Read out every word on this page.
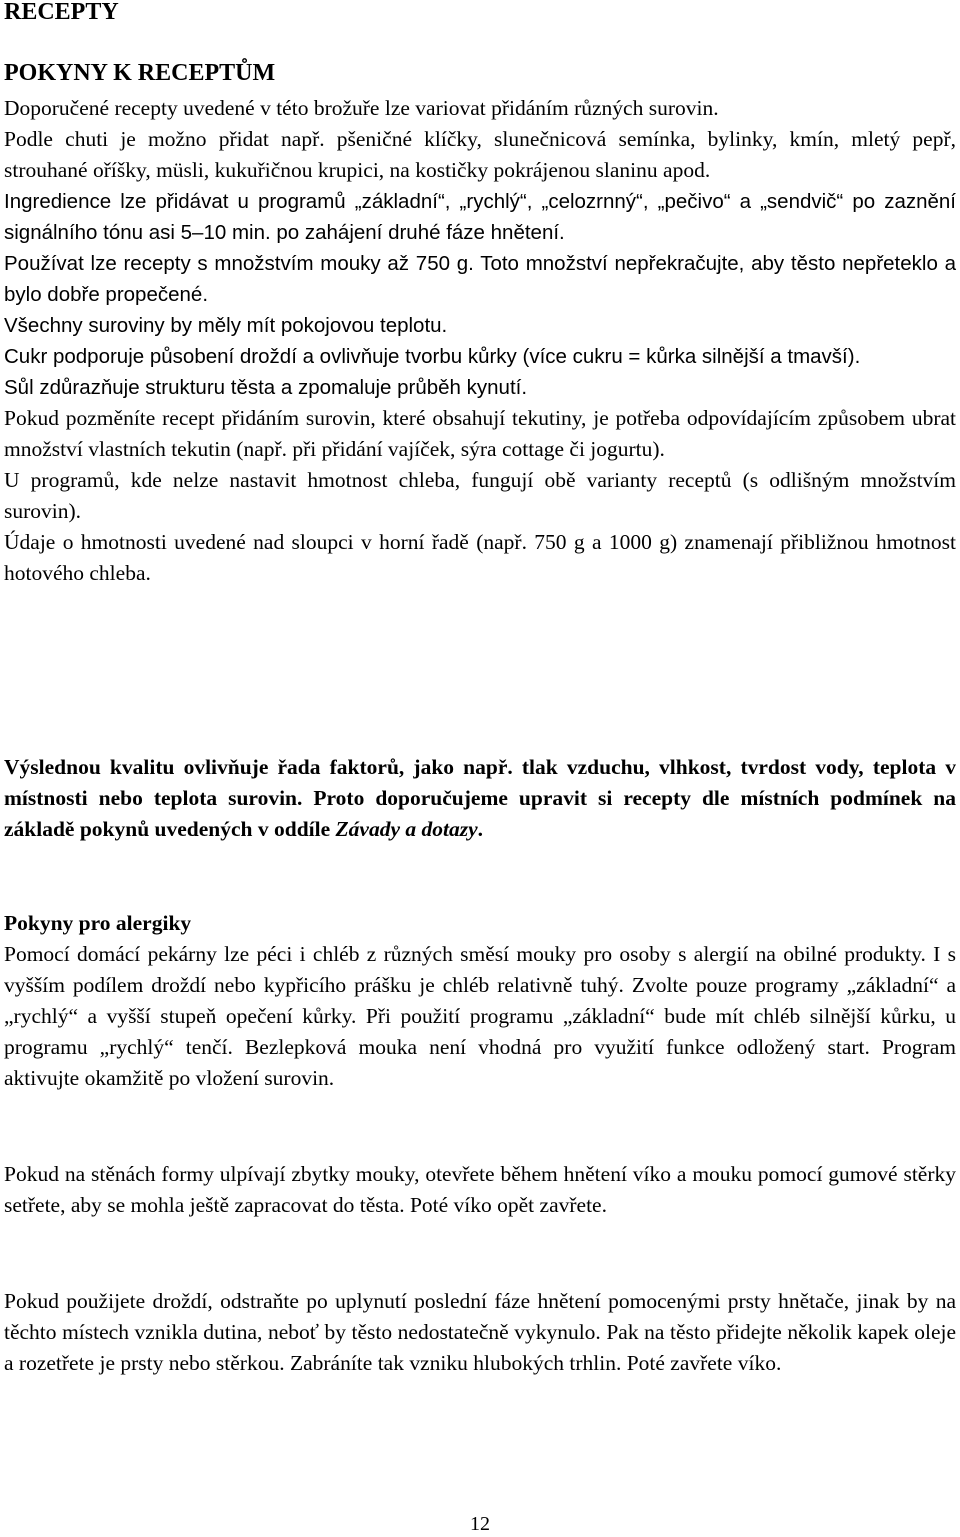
RECEPTY
POKYNY K RECEPTŮM
Doporučené recepty uvedené v této brožuře lze variovat přidáním různých surovin.
Podle chuti je možno přidat např. pšeničné klíčky, slunečnicová semínka, bylinky, kmín, mletý pepř, strouhané oříšky, müsli, kukuřičnou krupici, na kostičky pokrájenou slaninu apod.
Ingredience lze přidávat u programů „základní“, „rychlý“, „celozrnný“, „pečivo“ a „sendvič“ po zaznění signálního tónu asi 5–10 min. po zahájení druhé fáze hnětení.
Používat lze recepty s množstvím mouky až 750 g. Toto množství nepřekračujte, aby těsto nepřeteklo a bylo dobře propečené.
Všechny suroviny by měly mít pokojovou teplotu.
Cukr podporuje působení droždí a ovlivňuje tvorbu kůrky (více cukru = kůrka silnější a tmavší).
Sůl zdůrazňuje strukturu těsta a zpomaluje průběh kynutí.
Pokud pozměníte recept přidáním surovin, které obsahují tekutiny, je potřeba odpovídajícím způsobem ubrat množství vlastních tekutin (např. při přidání vajíček, sýra cottage či jogurtu).
U programů, kde nelze nastavit hmotnost chleba, fungují obě varianty receptů (s odlišným množstvím surovin).
Údaje o hmotnosti uvedené nad sloupci v horní řadě (např. 750 g a 1000 g) znamenají přibližnou hmotnost hotového chleba.

Výslednou kvalitu ovlivňuje řada faktorů, jako např. tlak vzduchu, vlhkost, tvrdost vody, teplota v místnosti nebo teplota surovin. Proto doporučujeme upravit si recepty dle místních podmínek na základě pokynů uvedených v oddíle Závady a dotazy.

Pokyny pro alergiky

Pomocí domácí pekárny lze péci i chléb z různých směsí mouky pro osoby s alergií na obilné produkty. I s vyšším podílem droždí nebo kypřicího prášku je chléb relativně tuhý. Zvolte pouze programy „základní“ a „rychlý“ a vyšší stupeň opečení kůrky. Při použití programu „základní“ bude mít chléb silnější kůrku, u programu „rychlý“ tenčí. Bezlepková mouka není vhodná pro využití funkce odložený start. Program aktivujte okamžitě po vložení surovin.

Pokud na stěnách formy ulpívají zbytky mouky, otevřete během hnětení víko a mouku pomocí gumové stěrky setřete, aby se mohla ještě zapracovat do těsta. Poté víko opět zavřete.

Pokud použijete droždí, odstraňte po uplynutí poslední fáze hnětení pomocenými prsty hnětače, jinak by na těchto místech vznikla dutina, neboť by těsto nedostatečně vykynulo. Pak na těsto přidejte několik kapek oleje a rozetřete je prsty nebo stěrkou. Zabráníte tak vzniku hlubokých trhlin. Poté zavřete víko.

12
